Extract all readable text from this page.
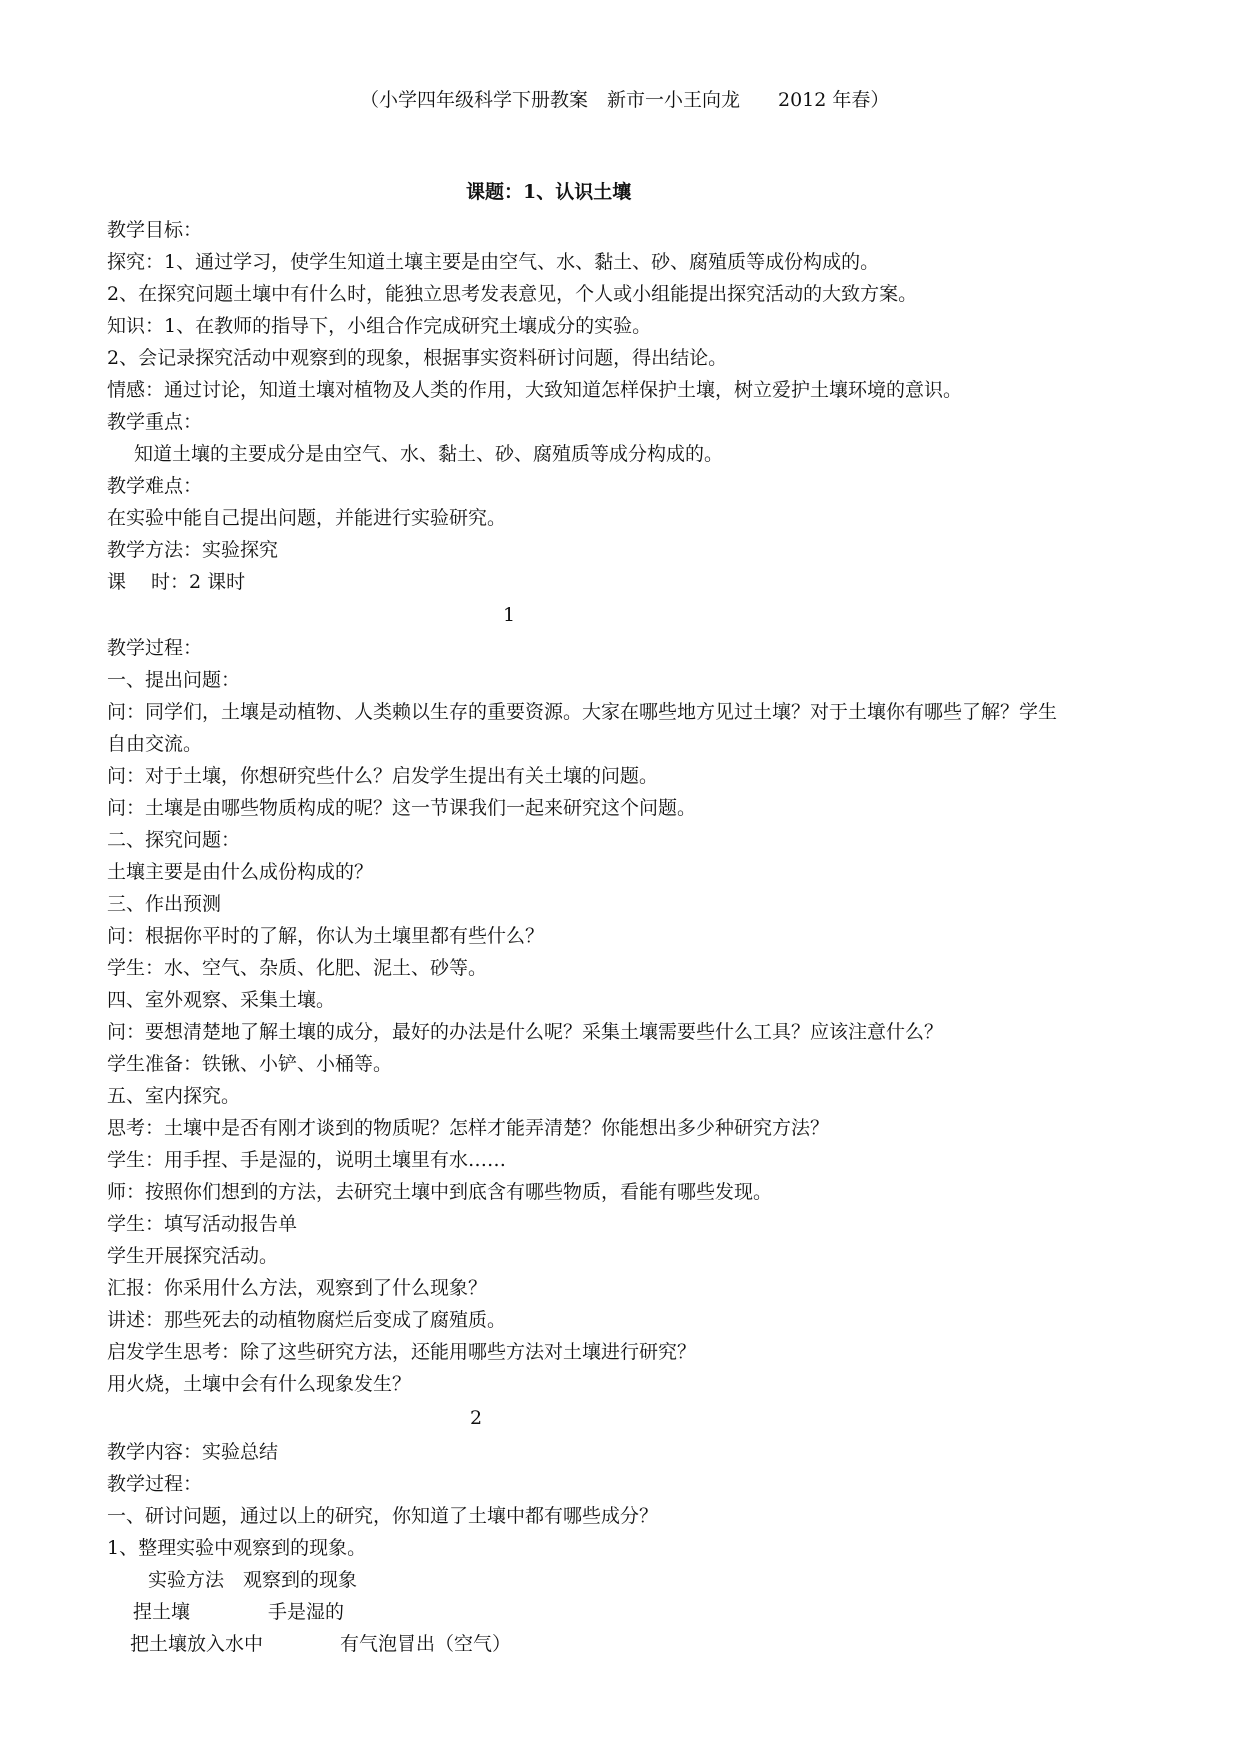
（小学四年级科学下册教案　新市一小王向龙　　2012 年春）
课题：1、认识土壤
教学目标：
探究：1、通过学习，使学生知道土壤主要是由空气、水、黏土、砂、腐殖质等成份构成的。
2、在探究问题土壤中有什么时，能独立思考发表意见，个人或小组能提出探究活动的大致方案。
知识：1、在教师的指导下，小组合作完成研究土壤成分的实验。
2、会记录探究活动中观察到的现象，根据事实资料研讨问题，得出结论。
情感：通过讨论，知道土壤对植物及人类的作用，大致知道怎样保护土壤，树立爱护土壤环境的意识。
教学重点：
知道土壤的主要成分是由空气、水、黏土、砂、腐殖质等成分构成的。
教学难点：
在实验中能自己提出问题，并能进行实验研究。
教学方法：实验探究
课　 时：2 课时
1
教学过程：
一、提出问题：
问：同学们，土壤是动植物、人类赖以生存的重要资源。大家在哪些地方见过土壤？对于土壤你有哪些了解？学生
自由交流。
问：对于土壤，你想研究些什么？启发学生提出有关土壤的问题。
问：土壤是由哪些物质构成的呢？这一节课我们一起来研究这个问题。
二、探究问题：
土壤主要是由什么成份构成的？
三、作出预测
问：根据你平时的了解，你认为土壤里都有些什么？
学生：水、空气、杂质、化肥、泥土、砂等。
四、室外观察、采集土壤。
问：要想清楚地了解土壤的成分，最好的办法是什么呢？采集土壤需要些什么工具？应该注意什么？
学生准备：铁锹、小铲、小桶等。
五、室内探究。
思考：土壤中是否有刚才谈到的物质呢？怎样才能弄清楚？你能想出多少种研究方法？
学生：用手捏、手是湿的，说明土壤里有水……
师：按照你们想到的方法，去研究土壤中到底含有哪些物质，看能有哪些发现。
学生：填写活动报告单
学生开展探究活动。
汇报：你采用什么方法，观察到了什么现象？
讲述：那些死去的动植物腐烂后变成了腐殖质。
启发学生思考：除了这些研究方法，还能用哪些方法对土壤进行研究？
用火烧，土壤中会有什么现象发生？
2
教学内容：实验总结
教学过程：
一、研讨问题，通过以上的研究，你知道了土壤中都有哪些成分？
1、整理实验中观察到的现象。
实验方法　观察到的现象
捏土壤	手是湿的
把土壤放入水中	有气泡冒出（空气）
